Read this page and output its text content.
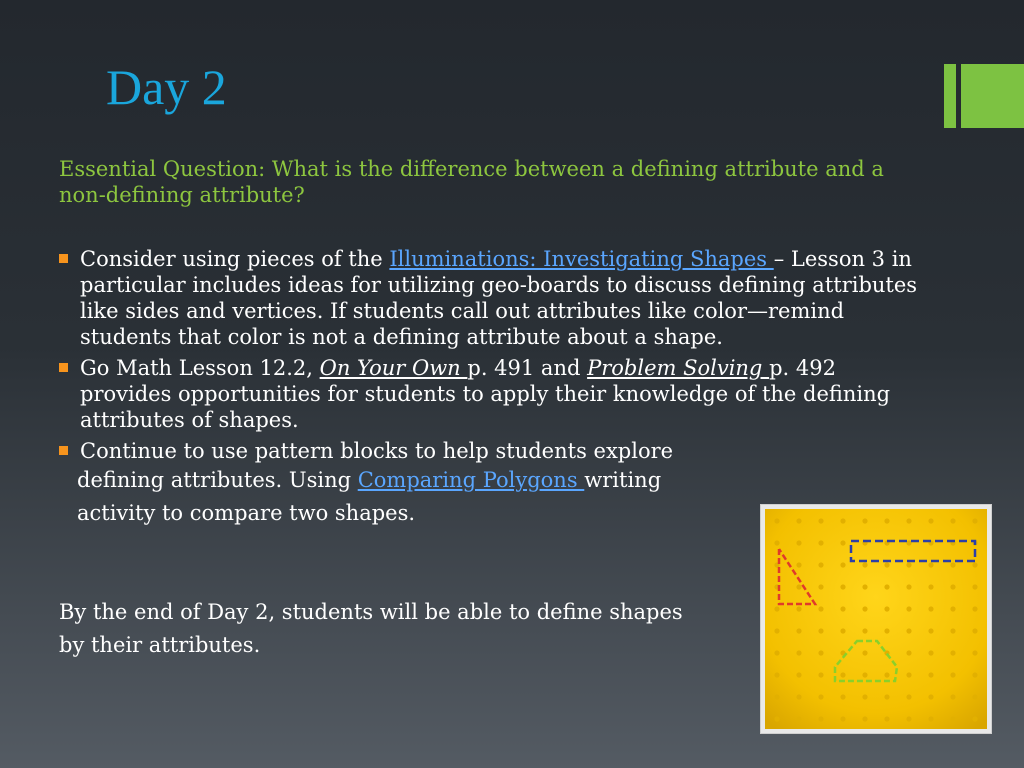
Day 2
Essential Question: What is the difference between a defining attribute and a non-defining attribute?
Consider using pieces of the Illuminations: Investigating Shapes – Lesson 3 in particular includes ideas for utilizing geo-boards to discuss defining attributes like sides and vertices. If students call out attributes like color—remind students that color is not a defining attribute about a shape.
Go Math Lesson 12.2, On Your Own p. 491 and Problem Solving p. 492 provides opportunities for students to apply their knowledge of the defining attributes of shapes.
Continue to use pattern blocks to help students explore
defining attributes. Using Comparing Polygons writing
activity to compare two shapes.
By the end of Day 2, students will be able to define shapes
by their attributes.
